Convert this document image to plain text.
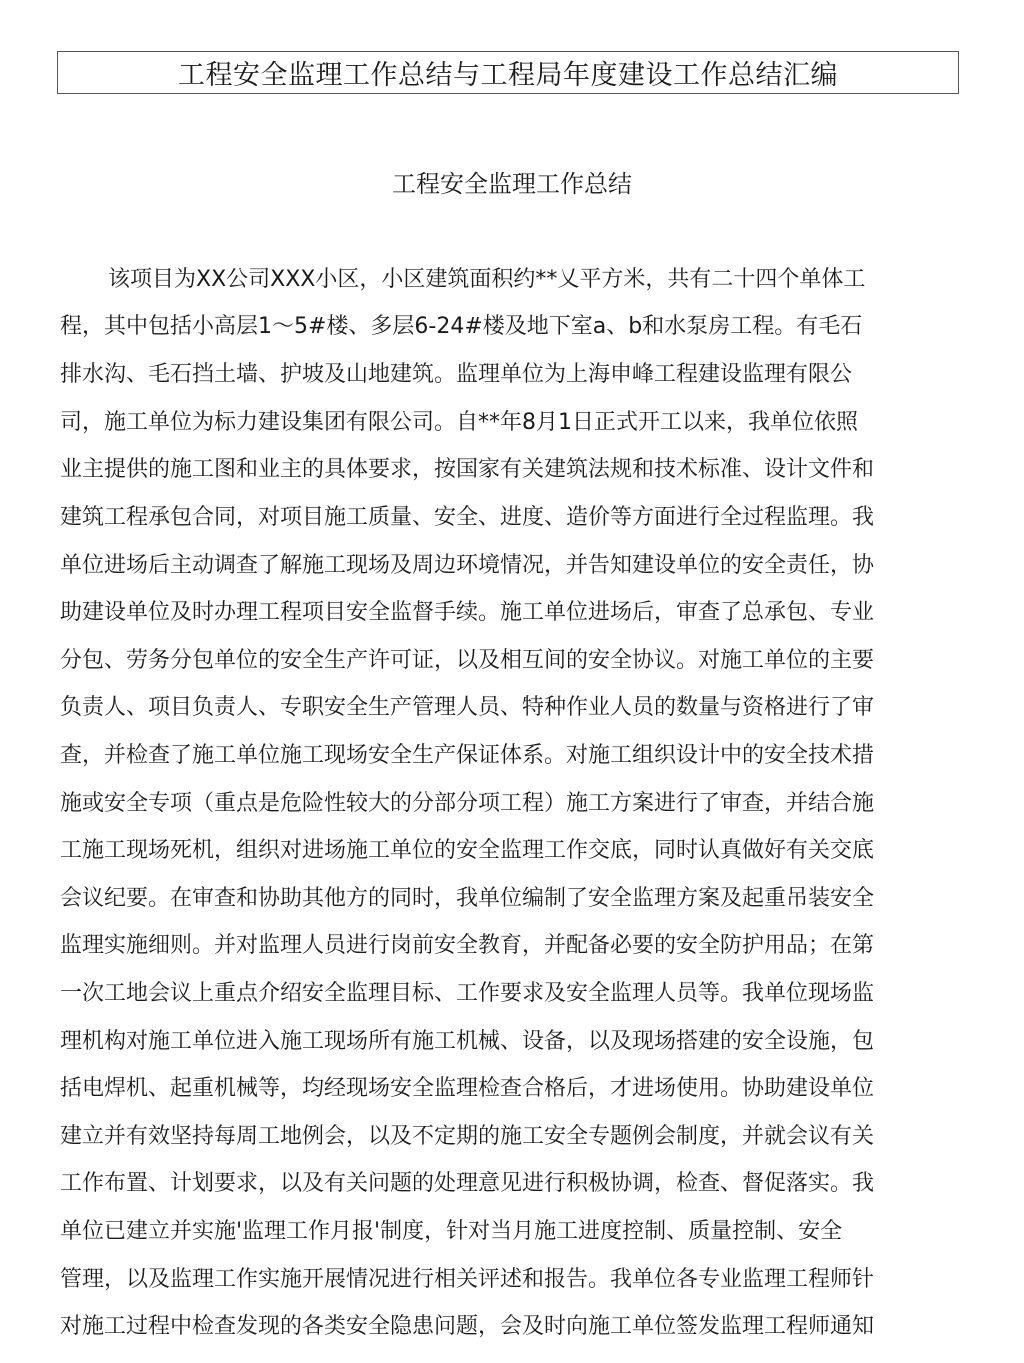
工程安全监理工作总结与工程局年度建设工作总结汇编
工程安全监理工作总结
该项目为XX公司XXX小区，小区建筑面积约**乂平方米，共有二十四个单体工
程，其中包括小高层1～5#楼、多层6-24#楼及地下室a、b和水泵房工程。有毛石
排水沟、毛石挡土墙、护坡及山地建筑。监理单位为上海申峰工程建设监理有限公
司，施工单位为标力建设集团有限公司。自**年8月1日正式开工以来，我单位依照
业主提供的施工图和业主的具体要求，按国家有关建筑法规和技术标准、设计文件和
建筑工程承包合同，对项目施工质量、安全、进度、造价等方面进行全过程监理。我
单位进场后主动调查了解施工现场及周边环境情况，并告知建设单位的安全责任，协
助建设单位及时办理工程项目安全监督手续。施工单位进场后，审查了总承包、专业
分包、劳务分包单位的安全生产许可证，以及相互间的安全协议。对施工单位的主要
负责人、项目负责人、专职安全生产管理人员、特种作业人员的数量与资格进行了审
查，并检查了施工单位施工现场安全生产保证体系。对施工组织设计中的安全技术措
施或安全专项（重点是危险性较大的分部分项工程）施工方案进行了审查，并结合施
工施工现场死机，组织对进场施工单位的安全监理工作交底，同时认真做好有关交底
会议纪要。在审查和协助其他方的同时，我单位编制了安全监理方案及起重吊装安全
监理实施细则。并对监理人员进行岗前安全教育，并配备必要的安全防护用品；在第
一次工地会议上重点介绍安全监理目标、工作要求及安全监理人员等。我单位现场监
理机构对施工单位进入施工现场所有施工机械、设备，以及现场搭建的安全设施，包
括电焊机、起重机械等，均经现场安全监理检查合格后，才进场使用。协助建设单位
建立并有效坚持每周工地例会，以及不定期的施工安全专题例会制度，并就会议有关
工作布置、计划要求，以及有关问题的处理意见进行积极协调，检查、督促落实。我
单位已建立并实施'监理工作月报'制度，针对当月施工进度控制、质量控制、安全
管理，以及监理工作实施开展情况进行相关评述和报告。我单位各专业监理工程师针
对施工过程中检查发现的各类安全隐患问题，会及时向施工单位签发监理工程师通知
